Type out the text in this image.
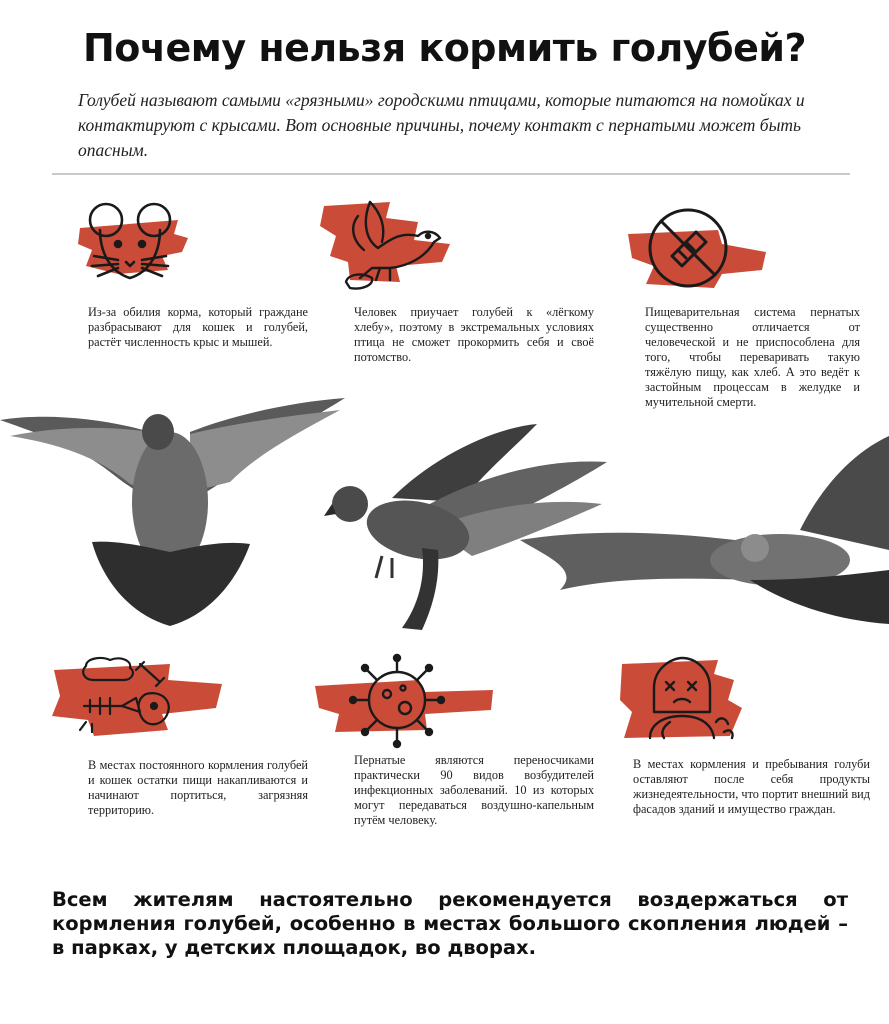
Почему нельзя кормить голубей?
Голубей называют самыми «грязными» городскими птицами, которые питаются на помойках и контактируют с крысами. Вот основные причины, почему контакт с пернатыми может быть опасным.
Из-за обилия корма, который граждане разбрасывают для кошек и голубей, растёт численность крыс и мышей.
Человек приучает голубей к «лёгкому хлебу», поэтому в экстремальных условиях птица не сможет прокормить себя и своё потомство.
Пищеварительная система пернатых существенно отличается от человеческой и не приспособлена для того, чтобы переваривать такую тяжёлую пищу, как хлеб. А это ведёт к застойным процессам в желудке и мучительной смерти.
В местах постоянного кормления голубей и кошек остатки пищи накапливаются и начинают портиться, загрязняя территорию.
Пернатые являются переносчиками практически 90 видов возбудителей инфекционных заболеваний. 10 из которых могут передаваться воздушно-капельным путём человеку.
В местах кормления и пребывания голуби оставляют после себя продукты жизнедеятельности, что портит внешний вид фасадов зданий и имущество граждан.
Всем жителям настоятельно рекомендуется воздержаться от кормления голубей, особенно в местах большого скопления людей – в парках, у детских площадок, во дворах.
